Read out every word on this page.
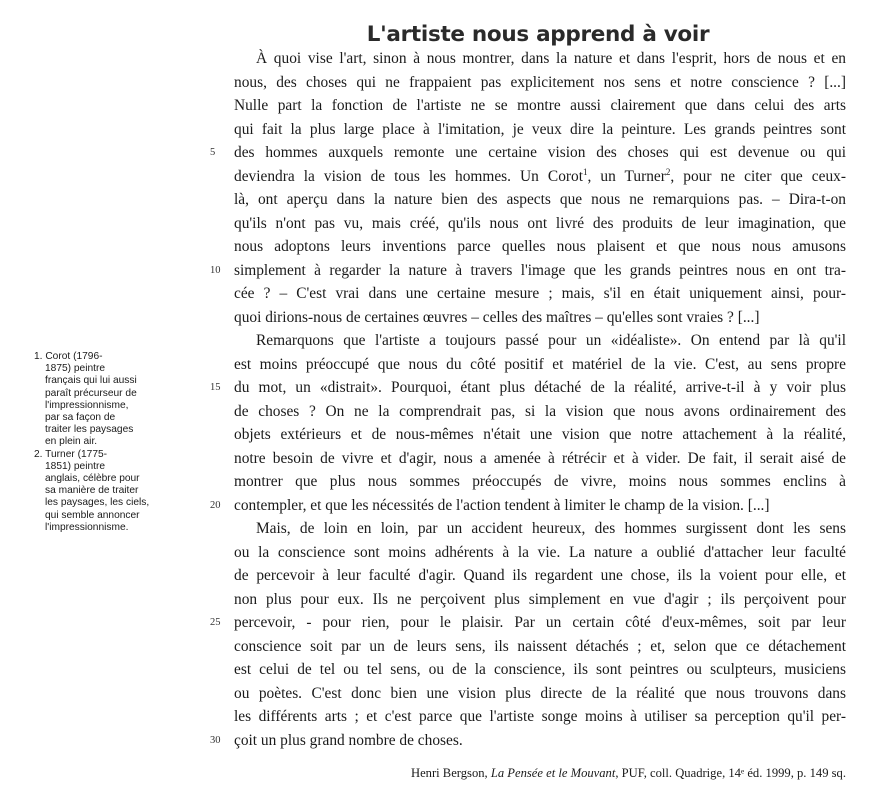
L'artiste nous apprend à voir
À quoi vise l'art, sinon à nous montrer, dans la nature et dans l'esprit, hors de nous et en
nous, des choses qui ne frappaient pas explicitement nos sens et notre conscience ? [...]
Nulle part la fonction de l'artiste ne se montre aussi clairement que dans celui des arts
qui fait la plus large place à l'imitation, je veux dire la peinture. Les grands peintres sont
5	des hommes auxquels remonte une certaine vision des choses qui est devenue ou qui
deviendra la vision de tous les hommes. Un Corot$^1$, un Turner$^2$, pour ne citer que ceux-
là, ont aperçu dans la nature bien des aspects que nous ne remarquions pas. – Dira-t-on
qu'ils n'ont pas vu, mais créé, qu'ils nous ont livré des produits de leur imagination, que
nous adoptons leurs inventions parce quelles nous plaisent et que nous nous amusons
10 simplement à regarder la nature à travers l'image que les grands peintres nous en ont tra-
cée ? – C'est vrai dans une certaine mesure ; mais, s'il en était uniquement ainsi, pour-
quoi dirions-nous de certaines œuvres – celles des maîtres – qu'elles sont vraies ? [...]
Remarquons que l'artiste a toujours passé pour un «idéaliste». On entend par là qu'il
est moins préoccupé que nous du côté positif et matériel de la vie. C'est, au sens propre
15 du mot, un «distrait». Pourquoi, étant plus détaché de la réalité, arrive-t-il à y voir plus
de choses ? On ne la comprendrait pas, si la vision que nous avons ordinairement des
objets extérieurs et de nous-mêmes n'était une vision que notre attachement à la réalité,
notre besoin de vivre et d'agir, nous a amenée à rétrécir et à vider. De fait, il serait aisé de
montrer que plus nous sommes préoccupés de vivre, moins nous sommes enclins à
20 contempler, et que les nécessités de l'action tendent à limiter le champ de la vision. [...]
Mais, de loin en loin, par un accident heureux, des hommes surgissent dont les sens
ou la conscience sont moins adhérents à la vie. La nature a oublié d'attacher leur faculté
de percevoir à leur faculté d'agir. Quand ils regardent une chose, ils la voient pour elle, et
non plus pour eux. Ils ne perçoivent plus simplement en vue d'agir ; ils perçoivent pour
25 percevoir, - pour rien, pour le plaisir. Par un certain côté d'eux-mêmes, soit par leur
conscience soit par un de leurs sens, ils naissent détachés ; et, selon que ce détachement
est celui de tel ou tel sens, ou de la conscience, ils sont peintres ou sculpteurs, musiciens
ou poètes. C'est donc bien une vision plus directe de la réalité que nous trouvons dans
les différents arts ; et c'est parce que l'artiste songe moins à utiliser sa perception qu'il per-
30 çoit un plus grand nombre de choses.
1. Corot (1796-
1875) peintre
français qui lui aussi
paraît précurseur de
l'impressionnisme,
par sa façon de
traiter les paysages
en plein air.
2. Turner (1775-
1851) peintre
anglais, célèbre pour
sa manière de traiter
les paysages, les ciels,
qui semble annoncer
l'impressionnisme.
Henri Bergson, La Pensée et le Mouvant, PUF, coll. Quadrige, 14ᵉ éd. 1999, p. 149 sq.
